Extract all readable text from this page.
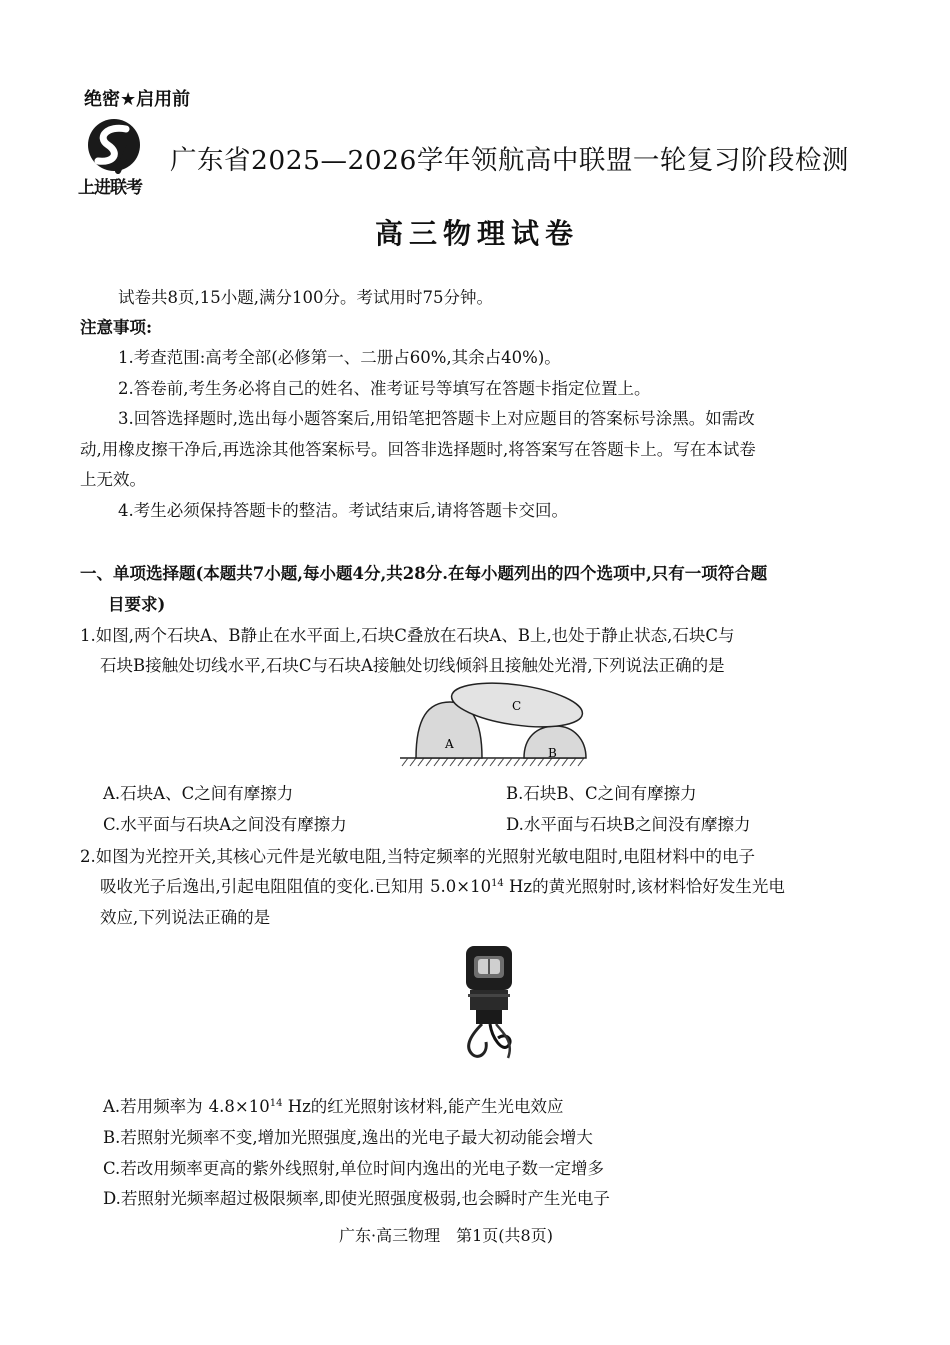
绝密★启用前
上进联考
广东省2025—2026学年领航高中联盟一轮复习阶段检测
高三物理试卷
试卷共8页,15小题,满分100分。考试用时75分钟。
注意事项:
1.考查范围:高考全部(必修第一、二册占60%,其余占40%)。
2.答卷前,考生务必将自己的姓名、准考证号等填写在答题卡指定位置上。
3.回答选择题时,选出每小题答案后,用铅笔把答题卡上对应题目的答案标号涂黑。如需改
动,用橡皮擦干净后,再选涂其他答案标号。回答非选择题时,将答案写在答题卡上。写在本试卷
上无效。
4.考生必须保持答题卡的整洁。考试结束后,请将答题卡交回。
一、单项选择题(本题共7小题,每小题4分,共28分.在每小题列出的四个选项中,只有一项符合题
目要求)
1.如图,两个石块A、B静止在水平面上,石块C叠放在石块A、B上,也处于静止状态,石块C与
石块B接触处切线水平,石块C与石块A接触处切线倾斜且接触处光滑,下列说法正确的是
A
B
C
A.石块A、C之间有摩擦力	B.石块B、C之间有摩擦力
C.水平面与石块A之间没有摩擦力	D.水平面与石块B之间没有摩擦力
2.如图为光控开关,其核心元件是光敏电阻,当特定频率的光照射光敏电阻时,电阻材料中的电子
吸收光子后逸出,引起电阻阻值的变化.已知用 $5.0\times 10^{14}$ Hz的黄光照射时,该材料恰好发生光电
效应,下列说法正确的是
A.若用频率为 $4.8\times 10^{14}$ Hz的红光照射该材料,能产生光电效应
B.若照射光频率不变,增加光照强度,逸出的光电子最大初动能会增大
C.若改用频率更高的紫外线照射,单位时间内逸出的光电子数一定增多
D.若照射光频率超过极限频率,即使光照强度极弱,也会瞬时产生光电子
广东·高三物理 第1页(共8页)
